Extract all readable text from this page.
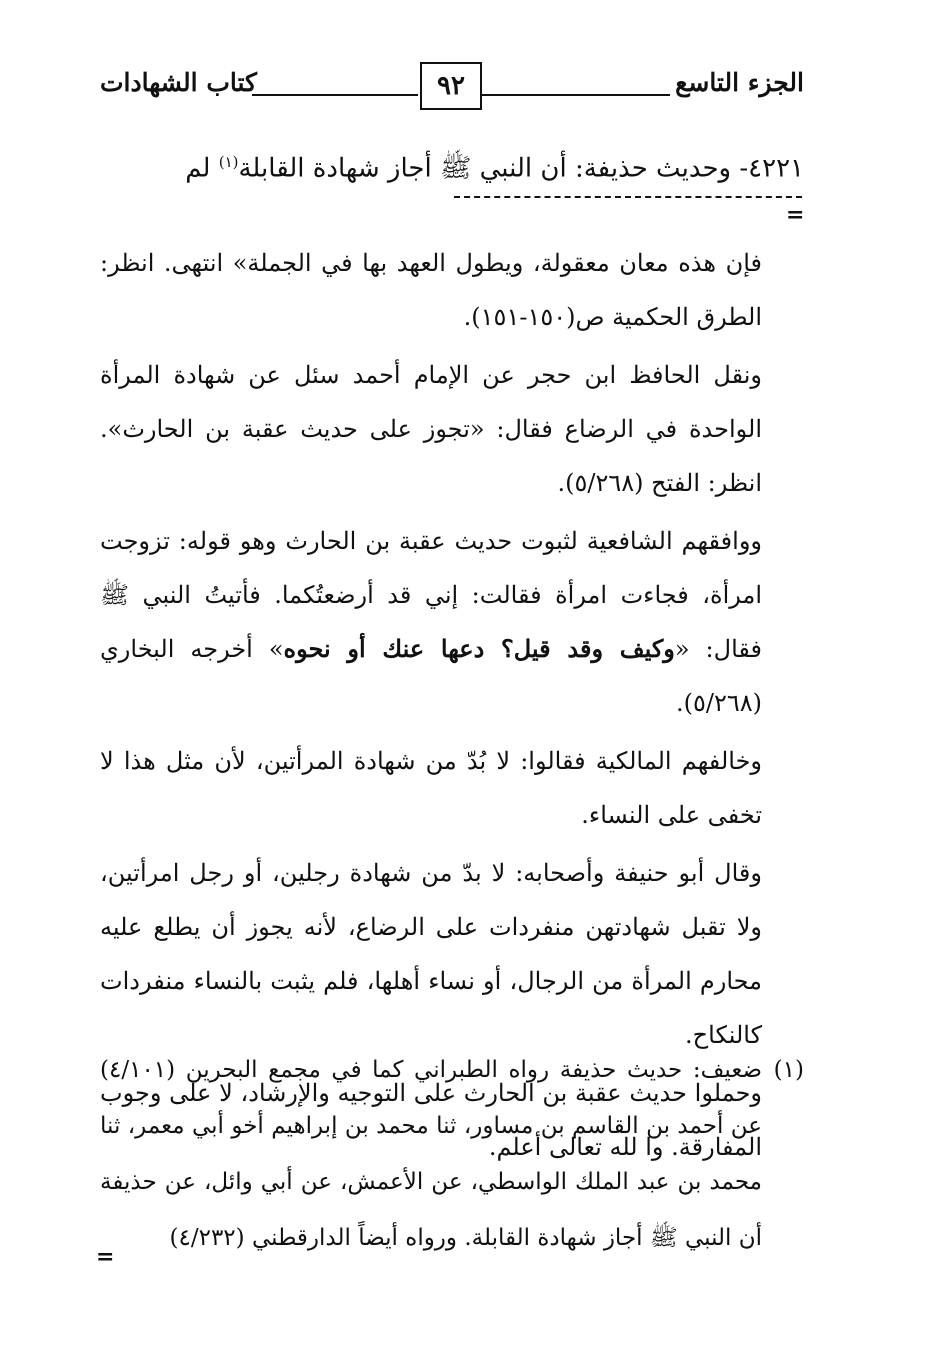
الجزء التاسع
٩٢
كتاب الشهادات
٤٢٢١- وحديث حذيفة: أن النبي ﷺ أجاز شهادة القابلة$^{(١)}$ لم
=

فإن هذه معان معقولة، ويطول العهد بها في الجملة» انتهى. انظر: الطرق الحكمية ص(١٥٠-١٥١).

ونقل الحافظ ابن حجر عن الإمام أحمد سئل عن شهادة المرأة الواحدة في الرضاع فقال: «تجوز على حديث عقبة بن الحارث». انظر: الفتح (٥/٢٦٨).

ووافقهم الشافعية لثبوت حديث عقبة بن الحارث وهو قوله: تزوجت امرأة، فجاءت امرأة فقالت: إني قد أرضعتُكما. فأتيتُ النبي ﷺ فقال: «وكيف وقد قيل؟ دعها عنك أو نحوه» أخرجه البخاري (٥/٢٦٨).

وخالفهم المالكية فقالوا: لا بُدّ من شهادة المرأتين، لأن مثل هذا لا تخفى على النساء.

وقال أبو حنيفة وأصحابه: لا بدّ من شهادة رجلين، أو رجل امرأتين، ولا تقبل شهادتهن منفردات على الرضاع، لأنه يجوز أن يطلع عليه محارم المرأة من الرجال، أو نساء أهلها، فلم يثبت بالنساء منفردات كالنكاح.

وحملوا حديث عقبة بن الحارث على التوجيه والإرشاد، لا على وجوب المفارقة. وا لله تعالى أعلم.

(١)
ضعيف: حديث حذيفة رواه الطبراني كما في مجمع البحرين (٤/١٠١) عن أحمد بن القاسم بن مساور، ثنا محمد بن إبراهيم أخو أبي معمر، ثنا محمد بن عبد الملك الواسطي، عن الأعمش، عن أبي وائل، عن حذيفة أن النبي ﷺ أجاز شهادة القابلة. ورواه أيضاً الدارقطني (٤/٢٣٢)
=
